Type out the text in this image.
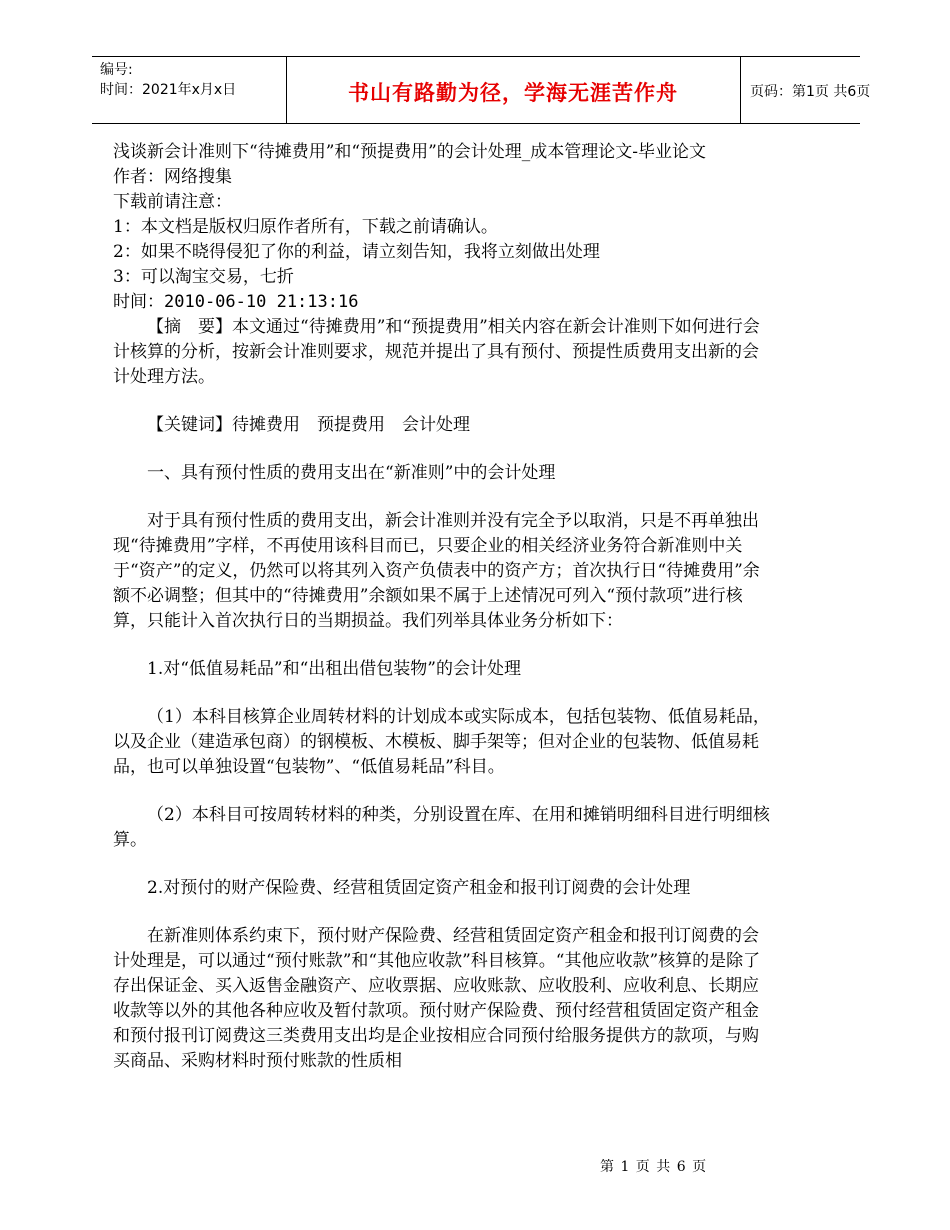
编号:
时间：2021年x月x日	书山有路勤为径，学海无涯苦作舟	页码：第1页 共6页

浅谈新会计准则下“待摊费用”和“预提费用”的会计处理_成本管理论文-毕业论文

作者：网络搜集

下载前请注意：

1：本文档是版权归原作者所有，下载之前请确认。

2：如果不晓得侵犯了你的利益，请立刻告知，我将立刻做出处理

3：可以淘宝交易，七折

时间：2010-06-10 21:13:16

【摘　要】本文通过“待摊费用”和“预提费用”相关内容在新会计准则下如何进行会计核算的分析，按新会计准则要求，规范并提出了具有预付、预提性质费用支出新的会计处理方法。

【关键词】待摊费用　预提费用　会计处理

一、具有预付性质的费用支出在“新准则”中的会计处理

对于具有预付性质的费用支出，新会计准则并没有完全予以取消，只是不再单独出现“待摊费用”字样，不再使用该科目而已，只要企业的相关经济业务符合新准则中关于“资产”的定义，仍然可以将其列入资产负债表中的资产方；首次执行日“待摊费用”余额不必调整；但其中的“待摊费用”余额如果不属于上述情况可列入“预付款项”进行核算，只能计入首次执行日的当期损益。我们列举具体业务分析如下：

1.对“低值易耗品”和“出租出借包装物”的会计处理

（1）本科目核算企业周转材料的计划成本或实际成本，包括包装物、低值易耗品，以及企业（建造承包商）的钢模板、木模板、脚手架等；但对企业的包装物、低值易耗品，也可以单独设置“包装物”、“低值易耗品”科目。

（2）本科目可按周转材料的种类，分别设置在库、在用和摊销明细科目进行明细核算。

2.对预付的财产保险费、经营租赁固定资产租金和报刊订阅费的会计处理

在新准则体系约束下，预付财产保险费、经营租赁固定资产租金和报刊订阅费的会计处理是，可以通过“预付账款”和“其他应收款”科目核算。“其他应收款”核算的是除了存出保证金、买入返售金融资产、应收票据、应收账款、应收股利、应收利息、长期应收款等以外的其他各种应收及暂付款项。预付财产保险费、预付经营租赁固定资产租金和预付报刊订阅费这三类费用支出均是企业按相应合同预付给服务提供方的款项，与购买商品、采购材料时预付账款的性质相

第 1 页 共 6 页
